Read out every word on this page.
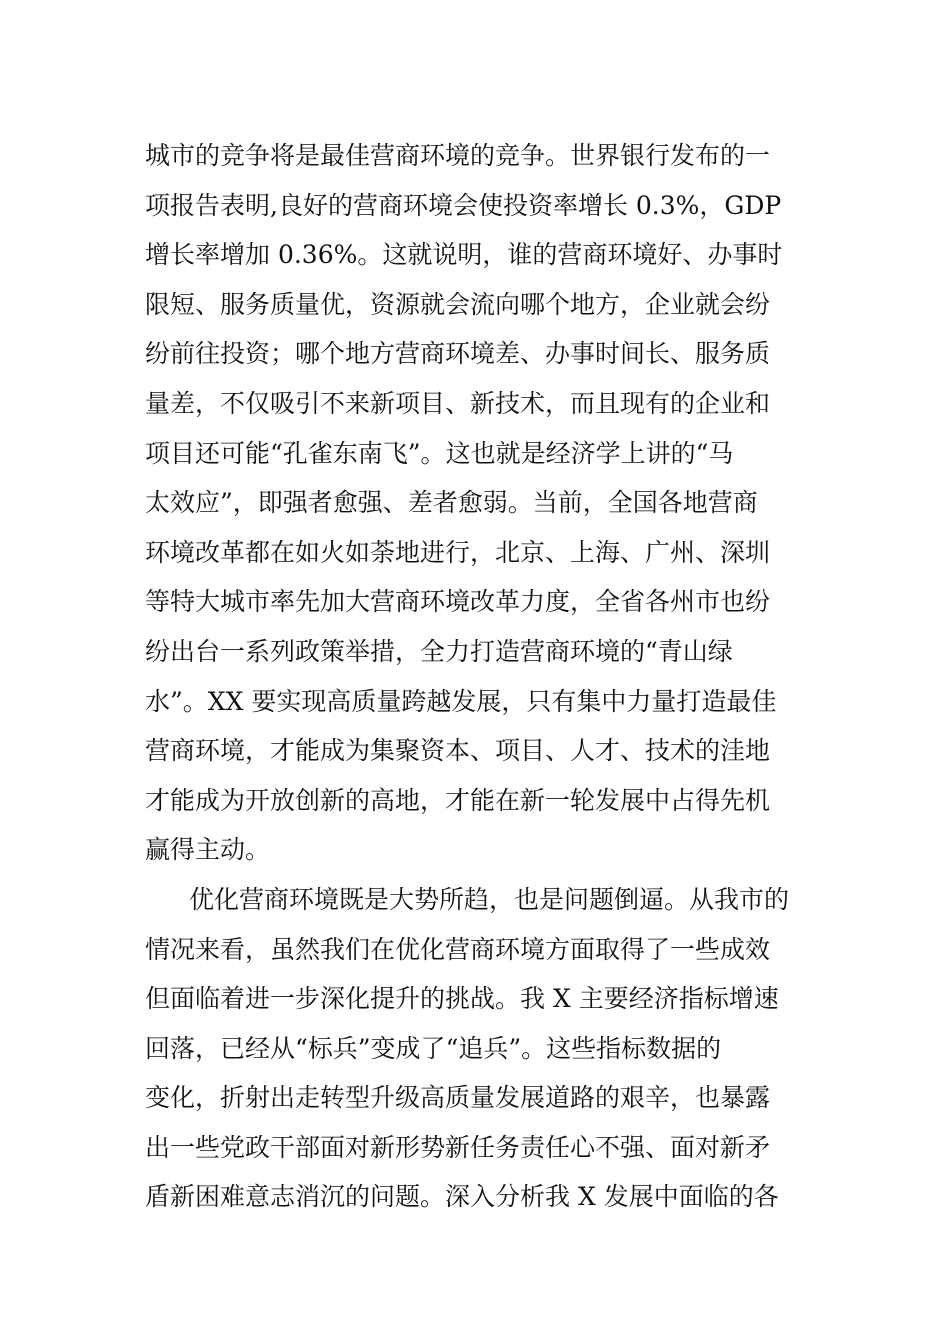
城市的竞争将是最佳营商环境的竞争。世界银行发布的一
项报告表明,良好的营商环境会使投资率增长 0.3%，GDP
增长率增加 0.36%。这就说明，谁的营商环境好、办事时
限短、服务质量优，资源就会流向哪个地方，企业就会纷
纷前往投资；哪个地方营商环境差、办事时间长、服务质
量差，不仅吸引不来新项目、新技术，而且现有的企业和
项目还可能“孔雀东南飞”。这也就是经济学上讲的“马
太效应”，即强者愈强、差者愈弱。当前，全国各地营商
环境改革都在如火如荼地进行，北京、上海、广州、深圳
等特大城市率先加大营商环境改革力度，全省各州市也纷
纷出台一系列政策举措，全力打造营商环境的“青山绿
水”。XX 要实现高质量跨越发展，只有集中力量打造最佳
营商环境，才能成为集聚资本、项目、人才、技术的洼地
才能成为开放创新的高地，才能在新一轮发展中占得先机
赢得主动。
优化营商环境既是大势所趋，也是问题倒逼。从我市的
情况来看，虽然我们在优化营商环境方面取得了一些成效
但面临着进一步深化提升的挑战。我 X 主要经济指标增速
回落，已经从“标兵”变成了“追兵”。这些指标数据的
变化，折射出走转型升级高质量发展道路的艰辛，也暴露
出一些党政干部面对新形势新任务责任心不强、面对新矛
盾新困难意志消沉的问题。深入分析我 X 发展中面临的各
